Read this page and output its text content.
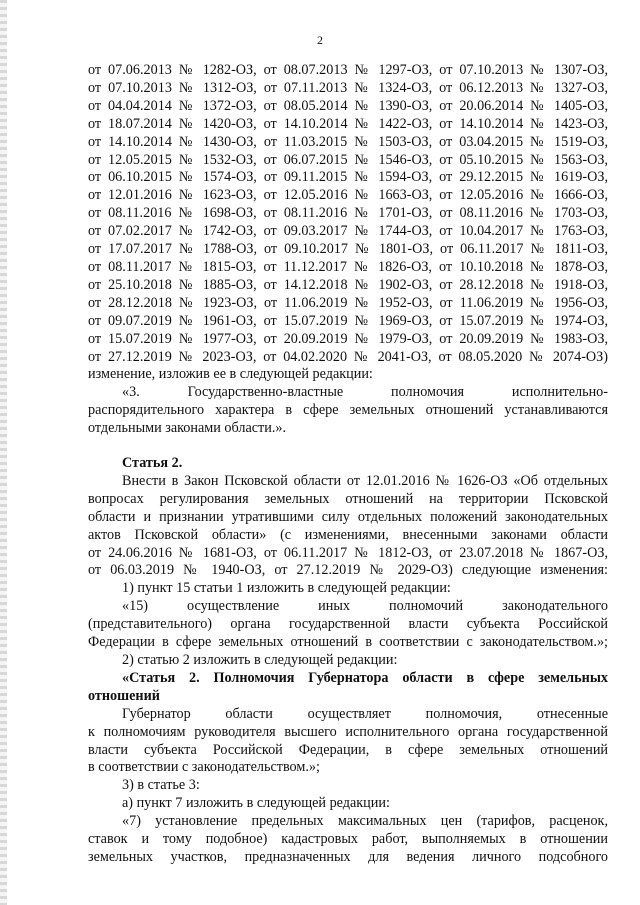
2
от 07.06.2013 № 1282-ОЗ, от 08.07.2013 № 1297-ОЗ, от 07.10.2013 № 1307-ОЗ,
от 07.10.2013 № 1312-ОЗ, от 07.11.2013 № 1324-ОЗ, от 06.12.2013 № 1327-ОЗ,
от 04.04.2014 № 1372-ОЗ, от 08.05.2014 № 1390-ОЗ, от 20.06.2014 № 1405-ОЗ,
от 18.07.2014 № 1420-ОЗ, от 14.10.2014 № 1422-ОЗ, от 14.10.2014 № 1423-ОЗ,
от 14.10.2014 № 1430-ОЗ, от 11.03.2015 № 1503-ОЗ, от 03.04.2015 № 1519-ОЗ,
от 12.05.2015 № 1532-ОЗ, от 06.07.2015 № 1546-ОЗ, от 05.10.2015 № 1563-ОЗ,
от 06.10.2015 № 1574-ОЗ, от 09.11.2015 № 1594-ОЗ, от 29.12.2015 № 1619-ОЗ,
от 12.01.2016 № 1623-ОЗ, от 12.05.2016 № 1663-ОЗ, от 12.05.2016 № 1666-ОЗ,
от 08.11.2016 № 1698-ОЗ, от 08.11.2016 № 1701-ОЗ, от 08.11.2016 № 1703-ОЗ,
от 07.02.2017 № 1742-ОЗ, от 09.03.2017 № 1744-ОЗ, от 10.04.2017 № 1763-ОЗ,
от 17.07.2017 № 1788-ОЗ, от 09.10.2017 № 1801-ОЗ, от 06.11.2017 № 1811-ОЗ,
от 08.11.2017 № 1815-ОЗ, от 11.12.2017 № 1826-ОЗ, от 10.10.2018 № 1878-ОЗ,
от 25.10.2018 № 1885-ОЗ, от 14.12.2018 № 1902-ОЗ, от 28.12.2018 № 1918-ОЗ,
от 28.12.2018 № 1923-ОЗ, от 11.06.2019 № 1952-ОЗ, от 11.06.2019 № 1956-ОЗ,
от 09.07.2019 № 1961-ОЗ, от 15.07.2019 № 1969-ОЗ, от 15.07.2019 № 1974-ОЗ,
от 15.07.2019 № 1977-ОЗ, от 20.09.2019 № 1979-ОЗ, от 20.09.2019 № 1983-ОЗ,
от 27.12.2019 № 2023-ОЗ, от 04.02.2020 № 2041-ОЗ, от 08.05.2020 № 2074-ОЗ)
изменение, изложив ее в следующей редакции:
«3. Государственно-властные полномочия исполнительно-
распорядительного характера в сфере земельных отношений устанавливаются
отдельными законами области.».
Статья 2.
Внести в Закон Псковской области от 12.01.2016 № 1626-ОЗ «Об отдельных
вопросах регулирования земельных отношений на территории Псковской
области и признании утратившими силу отдельных положений законодательных
актов Псковской области» (с изменениями, внесенными законами области
от 24.06.2016 № 1681-ОЗ, от 06.11.2017 № 1812-ОЗ, от 23.07.2018 № 1867-ОЗ,
от 06.03.2019 № 1940-ОЗ, от 27.12.2019 № 2029-ОЗ) следующие изменения:
1) пункт 15 статьи 1 изложить в следующей редакции:
«15) осуществление иных полномочий законодательного
(представительного) органа государственной власти субъекта Российской
Федерации в сфере земельных отношений в соответствии с законодательством.»;
2) статью 2 изложить в следующей редакции:
«Статья 2. Полномочия Губернатора области в сфере земельных
отношений
Губернатор области осуществляет полномочия, отнесенные
к полномочиям руководителя высшего исполнительного органа государственной
власти субъекта Российской Федерации, в сфере земельных отношений
в соответствии с законодательством.»;
3) в статье 3:
а) пункт 7 изложить в следующей редакции:
«7) установление предельных максимальных цен (тарифов, расценок,
ставок и тому подобное) кадастровых работ, выполняемых в отношении
земельных участков, предназначенных для ведения личного подсобного
